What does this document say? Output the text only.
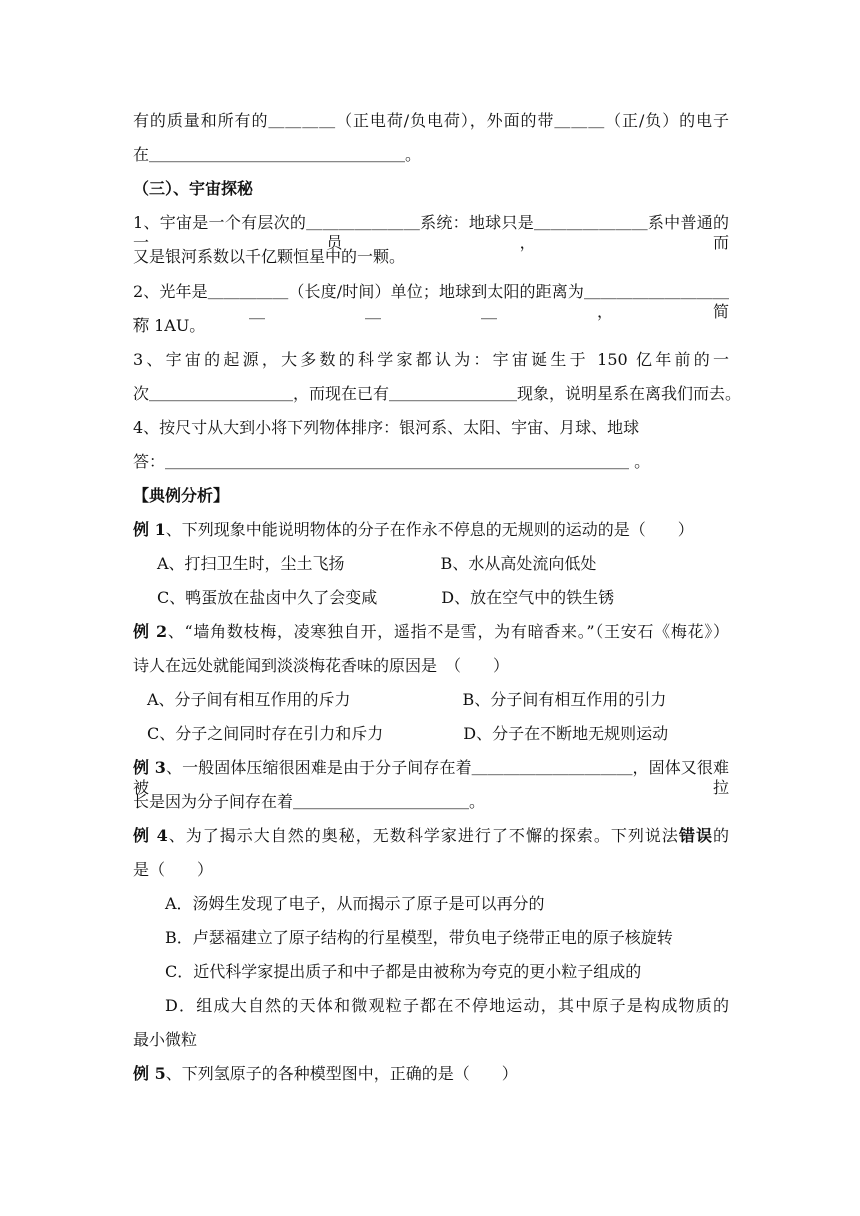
有的质量和所有的＿＿＿＿（正电荷/负电荷），外面的带＿＿＿（正/负）的电子
在＿＿＿＿＿＿＿＿＿＿＿＿＿＿＿＿。
（三）、宇宙探秘
1、宇宙是一个有层次的＿＿＿＿＿＿＿系统：地球只是＿＿＿＿＿＿＿系中普通的一员，而
又是银河系数以千亿颗恒星中的一颗。
2、光年是＿＿＿＿＿（长度/时间）单位；地球到太阳的距离为＿＿＿＿＿＿＿＿＿＿＿＿＿，简
称 1AU。
3、宇宙的起源，大多数的科学家都认为：宇宙诞生于 150 亿年前的一
次＿＿＿＿＿＿＿＿＿，而现在已有＿＿＿＿＿＿＿＿现象，说明星系在离我们而去。
4、按尺寸从大到小将下列物体排序：银河系、太阳、宇宙、月球、地球
答：＿＿＿＿＿＿＿＿＿＿＿＿＿＿＿＿＿＿＿＿＿＿＿＿＿＿＿＿＿ 。
【典例分析】
例 1、下列现象中能说明物体的分子在作永不停息的无规则的运动的是（　　）
A、打扫卫生时，尘土飞扬　　　　　　B、水从高处流向低处
C、鸭蛋放在盐卤中久了会变咸　　　　D、放在空气中的铁生锈
例 2、“墙角数枝梅，凌寒独自开，遥指不是雪，为有暗香来。”（王安石《梅花》）
诗人在远处就能闻到淡淡梅花香味的原因是　（　　）
A、分子间有相互作用的斥力　　　　　　　B、分子间有相互作用的引力
C、分子之间同时存在引力和斥力　　　　　D、分子在不断地无规则运动
例 3、一般固体压缩很困难是由于分子间存在着＿＿＿＿＿＿＿＿＿＿，固体又很难被拉
长是因为分子间存在着＿＿＿＿＿＿＿＿＿＿＿。
例 4、为了揭示大自然的奥秘，无数科学家进行了不懈的探索。下列说法错误的
是（　　）
A．汤姆生发现了电子，从而揭示了原子是可以再分的
B．卢瑟福建立了原子结构的行星模型，带负电子绕带正电的原子核旋转
C．近代科学家提出质子和中子都是由被称为夸克的更小粒子组成的
D．组成大自然的天体和微观粒子都在不停地运动，其中原子是构成物质的
最小微粒
例 5、下列氢原子的各种模型图中，正确的是（　　）
